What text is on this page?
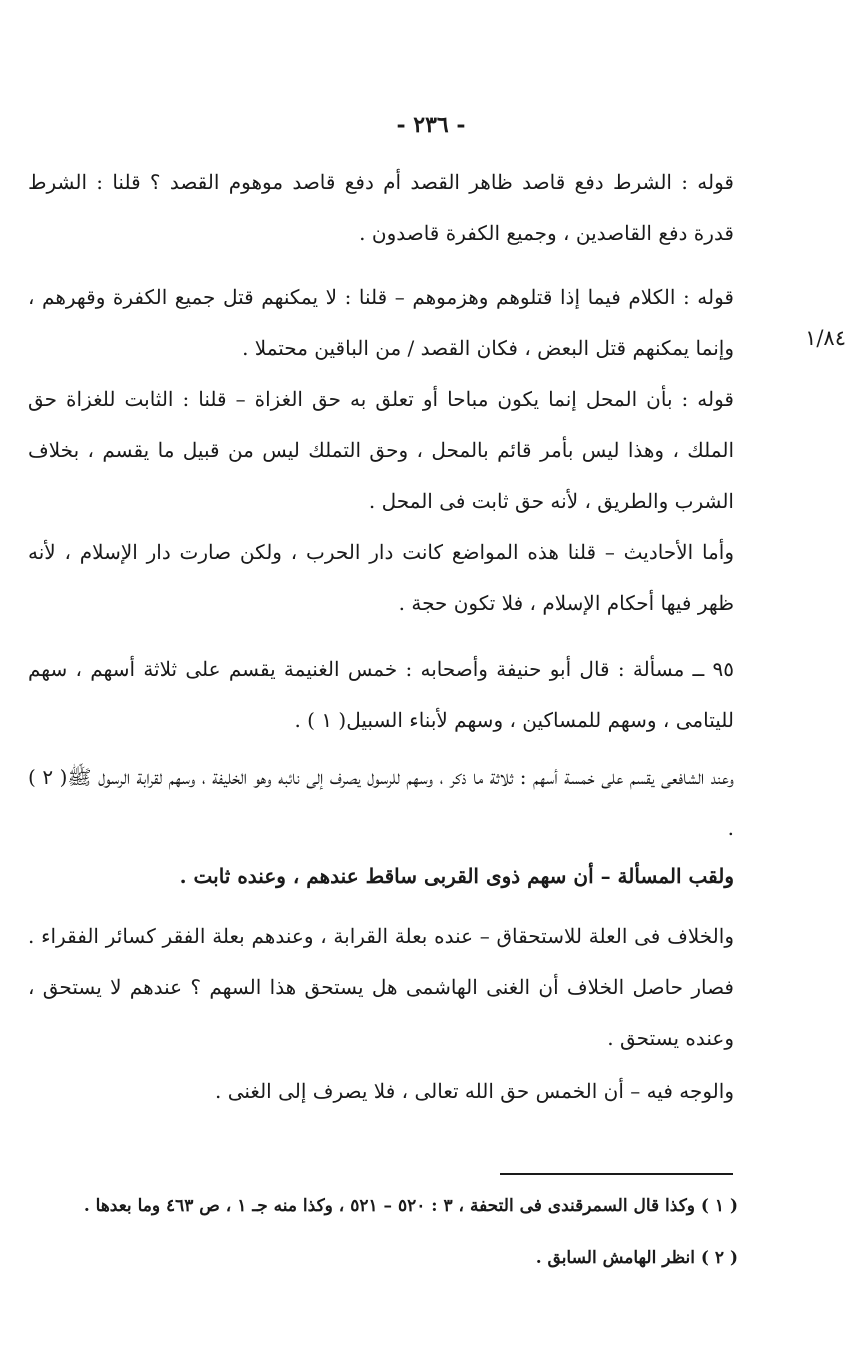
- ٢٣٦ -
١/٨٤

قوله : الشرط دفع قاصد ظاهر القصد أم دفع قاصد موهوم القصد ؟ قلنا : الشرط قدرة دفع القاصدين ، وجميع الكفرة قاصدون .

قوله : الكلام فيما إذا قتلوهم وهزموهم – قلنا : لا يمكنهم قتل جميع الكفرة وقهرهم ، وإنما يمكنهم قتل البعض ، فكان القصد / من الباقين محتملا .

قوله : بأن المحل إنما يكون مباحا أو تعلق به حق الغزاة – قلنا : الثابت للغزاة حق الملك ، وهذا ليس بأمر قائم بالمحل ، وحق التملك ليس من قبيل ما يقسم ، بخلاف الشرب والطريق ، لأنه حق ثابت فى المحل .

وأما الأحاديث – قلنا هذه المواضع كانت دار الحرب ، ولكن صارت دار الإسلام ، لأنه ظهر فيها أحكام الإسلام ، فلا تكون حجة .

٩٥ ــ مسألة : قال أبو حنيفة وأصحابه : خمس الغنيمة يقسم على ثلاثة أسهم ، سهم لليتامى ، وسهم للمساكين ، وسهم لأبناء السبيل( ١ ) .

وعند الشافعى يقسم على خمسة أسهم : ثلاثة ما ذكر ، وسهم للرسول يصرف إلى نائبه وهو الخليفة ، وسهم لقرابة الرسول ﷺ( ٢ ) .

ولقب المسألة – أن سهم ذوى القربى ساقط عندهم ، وعنده ثابت .

والخلاف فى العلة للاستحقاق – عنده بعلة القرابة ، وعندهم بعلة الفقر كسائر الفقراء . فصار حاصل الخلاف أن الغنى الهاشمى هل يستحق هذا السهم ؟ عندهم لا يستحق ، وعنده يستحق .

والوجه فيه – أن الخمس حق الله تعالى ، فلا يصرف إلى الغنى .

( ١ ) وكذا قال السمرقندى فى التحفة ، ٣ : ٥٢٠ – ٥٢١ ، وكذا منه جـ ١ ، ص ٤٦٣ وما بعدها .

( ٢ ) انظر الهامش السابق .
